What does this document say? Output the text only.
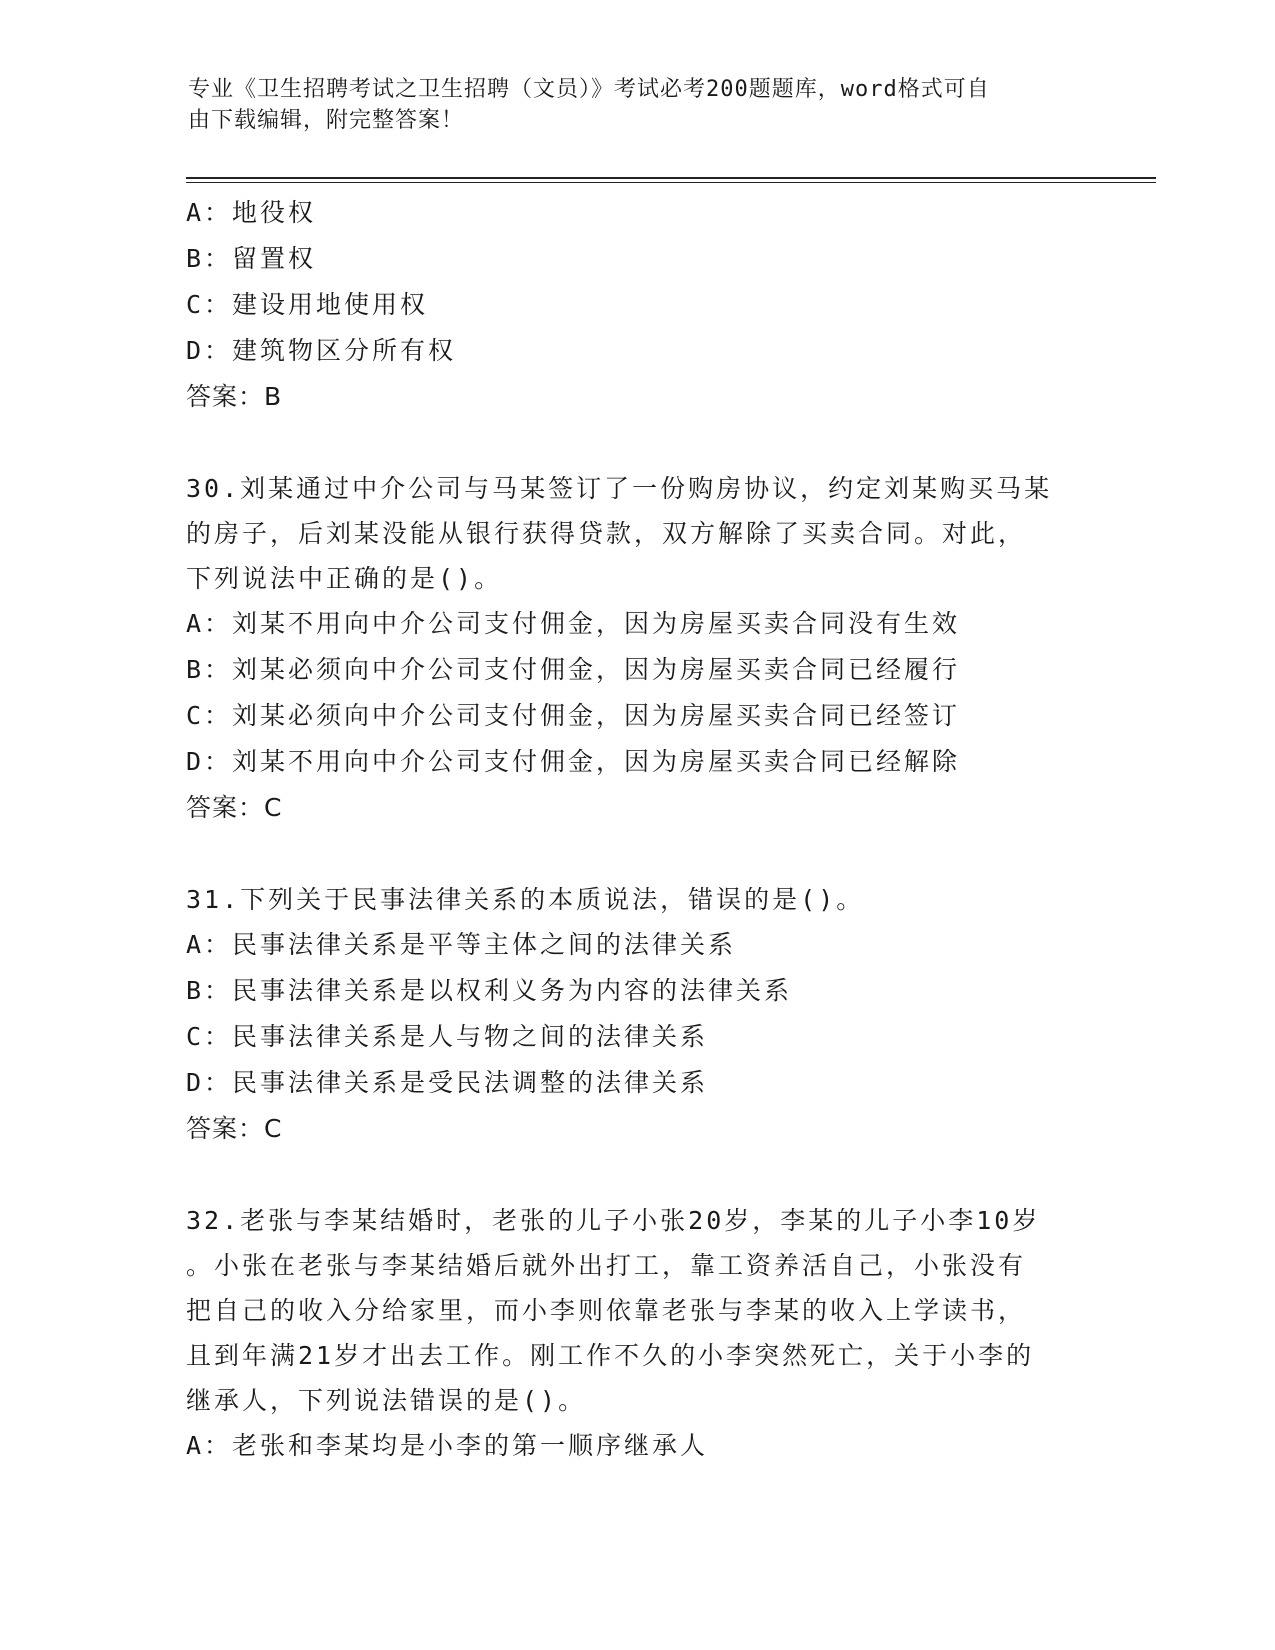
专业《卫生招聘考试之卫生招聘（文员）》考试必考200题题库，word格式可自
由下载编辑，附完整答案！
A：地役权
B：留置权
C：建设用地使用权
D：建筑物区分所有权
答案：B
30.刘某通过中介公司与马某签订了一份购房协议，约定刘某购买马某
的房子，后刘某没能从银行获得贷款，双方解除了买卖合同。对此，
下列说法中正确的是()。
A：刘某不用向中介公司支付佣金，因为房屋买卖合同没有生效
B：刘某必须向中介公司支付佣金，因为房屋买卖合同已经履行
C：刘某必须向中介公司支付佣金，因为房屋买卖合同已经签订
D：刘某不用向中介公司支付佣金，因为房屋买卖合同已经解除
答案：C
31.下列关于民事法律关系的本质说法，错误的是()。
A：民事法律关系是平等主体之间的法律关系
B：民事法律关系是以权利义务为内容的法律关系
C：民事法律关系是人与物之间的法律关系
D：民事法律关系是受民法调整的法律关系
答案：C
32.老张与李某结婚时，老张的儿子小张20岁，李某的儿子小李10岁
。小张在老张与李某结婚后就外出打工，靠工资养活自己，小张没有
把自己的收入分给家里，而小李则依靠老张与李某的收入上学读书，
且到年满21岁才出去工作。刚工作不久的小李突然死亡，关于小李的
继承人，下列说法错误的是()。
A：老张和李某均是小李的第一顺序继承人
